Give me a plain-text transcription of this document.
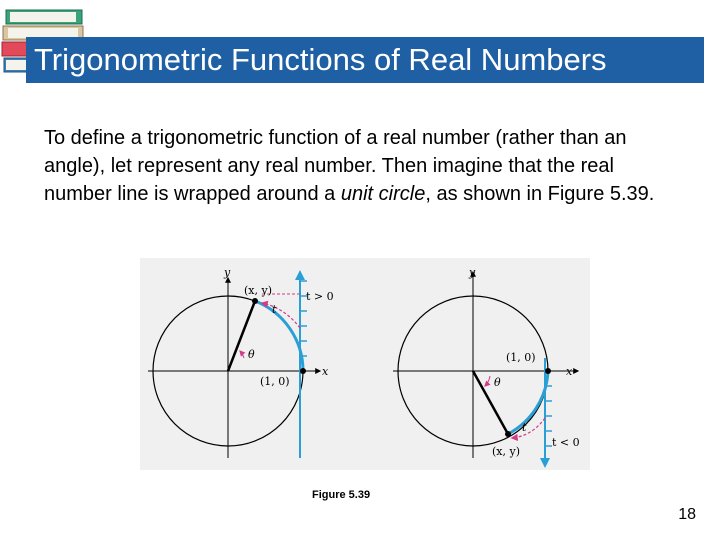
Trigonometric Functions of Real Numbers
To define a trigonometric function of a real number (rather than an angle), let represent any real number. Then imagine that the real number line is wrapped around a unit circle, as shown in Figure 5.39.
y
x
(x, y)
t
t > 0
θ
(1, 0)
y
x
(x, y)
t
t < 0
θ
(1, 0)
Figure 5.39
18
